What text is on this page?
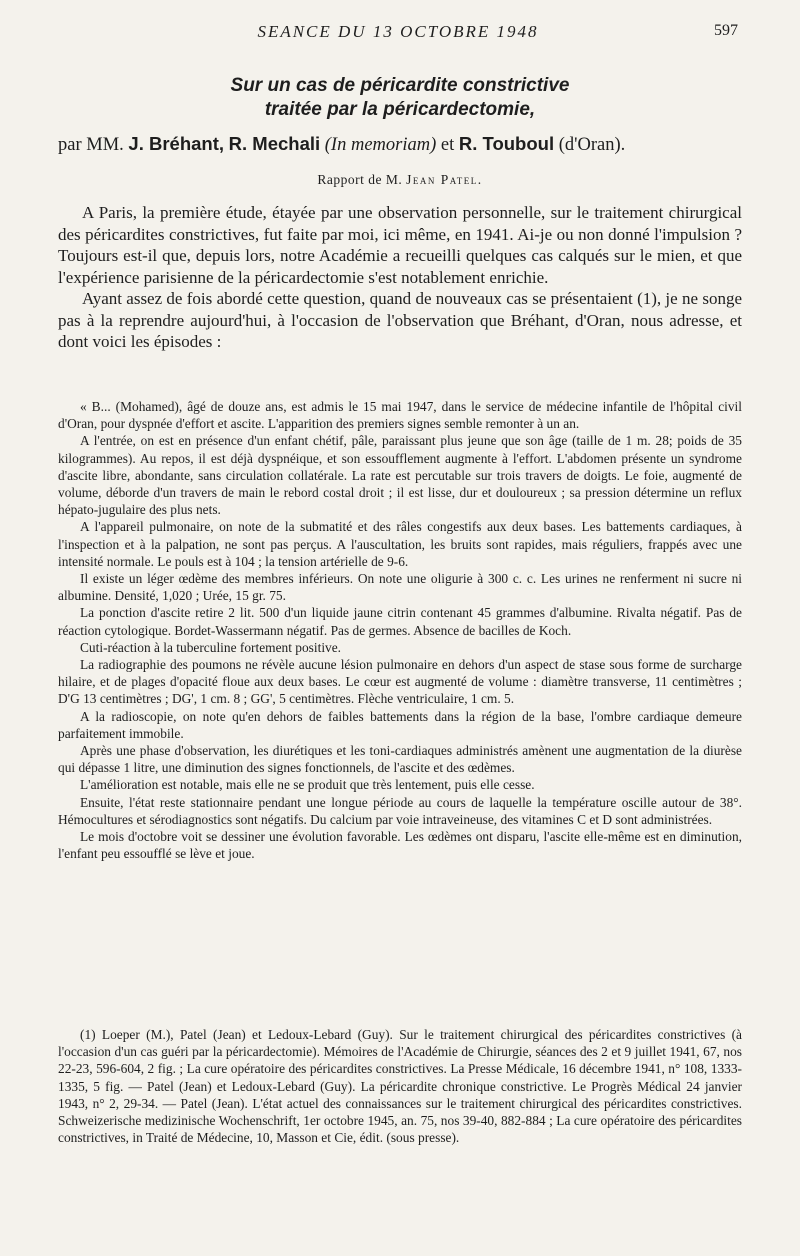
SEANCE DU 13 OCTOBRE 1948	597
Sur un cas de péricardite constrictive
traitée par la péricardectomie,
par MM. J. Bréhant, R. Mechali (In memoriam) et R. Touboul (d'Oran).
Rapport de M. Jean Patel.

A Paris, la première étude, étayée par une observation personnelle, sur le traitement chirurgical des péricardites constrictives, fut faite par moi, ici même, en 1941. Ai-je ou non donné l'impulsion ? Toujours est-il que, depuis lors, notre Académie a recueilli quelques cas calqués sur le mien, et que l'expérience parisienne de la péricardectomie s'est notablement enrichie.

Ayant assez de fois abordé cette question, quand de nouveaux cas se présentaient (1), je ne songe pas à la reprendre aujourd'hui, à l'occasion de l'observation que Bréhant, d'Oran, nous adresse, et dont voici les épisodes :

« B... (Mohamed), âgé de douze ans, est admis le 15 mai 1947, dans le service de médecine infantile de l'hôpital civil d'Oran, pour dyspnée d'effort et ascite. L'apparition des premiers signes semble remonter à un an.

A l'entrée, on est en présence d'un enfant chétif, pâle, paraissant plus jeune que son âge (taille de 1 m. 28; poids de 35 kilogrammes). Au repos, il est déjà dyspnéique, et son essoufflement augmente à l'effort. L'abdomen présente un syndrome d'ascite libre, abondante, sans circulation collatérale. La rate est percutable sur trois travers de doigts. Le foie, augmenté de volume, déborde d'un travers de main le rebord costal droit ; il est lisse, dur et douloureux ; sa pression détermine un reflux hépato-jugulaire des plus nets.

A l'appareil pulmonaire, on note de la submatité et des râles congestifs aux deux bases. Les battements cardiaques, à l'inspection et à la palpation, ne sont pas perçus. A l'auscultation, les bruits sont rapides, mais réguliers, frappés avec une intensité normale. Le pouls est à 104 ; la tension artérielle de 9-6.

Il existe un léger œdème des membres inférieurs. On note une oligurie à 300 c. c. Les urines ne renferment ni sucre ni albumine. Densité, 1,020 ; Urée, 15 gr. 75.

La ponction d'ascite retire 2 lit. 500 d'un liquide jaune citrin contenant 45 grammes d'albumine. Rivalta négatif. Pas de réaction cytologique. Bordet-Wassermann négatif. Pas de germes. Absence de bacilles de Koch.

Cuti-réaction à la tuberculine fortement positive.

La radiographie des poumons ne révèle aucune lésion pulmonaire en dehors d'un aspect de stase sous forme de surcharge hilaire, et de plages d'opacité floue aux deux bases. Le cœur est augmenté de volume : diamètre transverse, 11 centimètres ; D'G 13 centimètres ; DG', 1 cm. 8 ; GG', 5 centimètres. Flèche ventriculaire, 1 cm. 5.

A la radioscopie, on note qu'en dehors de faibles battements dans la région de la base, l'ombre cardiaque demeure parfaitement immobile.

Après une phase d'observation, les diurétiques et les toni-cardiaques administrés amènent une augmentation de la diurèse qui dépasse 1 litre, une diminution des signes fonctionnels, de l'ascite et des œdèmes.

L'amélioration est notable, mais elle ne se produit que très lentement, puis elle cesse.

Ensuite, l'état reste stationnaire pendant une longue période au cours de laquelle la température oscille autour de 38°. Hémocultures et sérodiagnostics sont négatifs. Du calcium par voie intraveineuse, des vitamines C et D sont administrées.

Le mois d'octobre voit se dessiner une évolution favorable. Les œdèmes ont disparu, l'ascite elle-même est en diminution, l'enfant peu essoufflé se lève et joue.

(1) Loeper (M.), Patel (Jean) et Ledoux-Lebard (Guy). Sur le traitement chirurgical des péricardites constrictives (à l'occasion d'un cas guéri par la péricardectomie). Mémoires de l'Académie de Chirurgie, séances des 2 et 9 juillet 1941, 67, nos 22-23, 596-604, 2 fig. ; La cure opératoire des péricardites constrictives. La Presse Médicale, 16 décembre 1941, n° 108, 1333-1335, 5 fig. — Patel (Jean) et Ledoux-Lebard (Guy). La péricardite chronique constrictive. Le Progrès Médical 24 janvier 1943, n° 2, 29-34. — Patel (Jean). L'état actuel des connaissances sur le traitement chirurgical des péricardites constrictives. Schweizerische medizinische Wochenschrift, 1er octobre 1945, an. 75, nos 39-40, 882-884 ; La cure opératoire des péricardites constrictives, in Traité de Médecine, 10, Masson et Cie, édit. (sous presse).
